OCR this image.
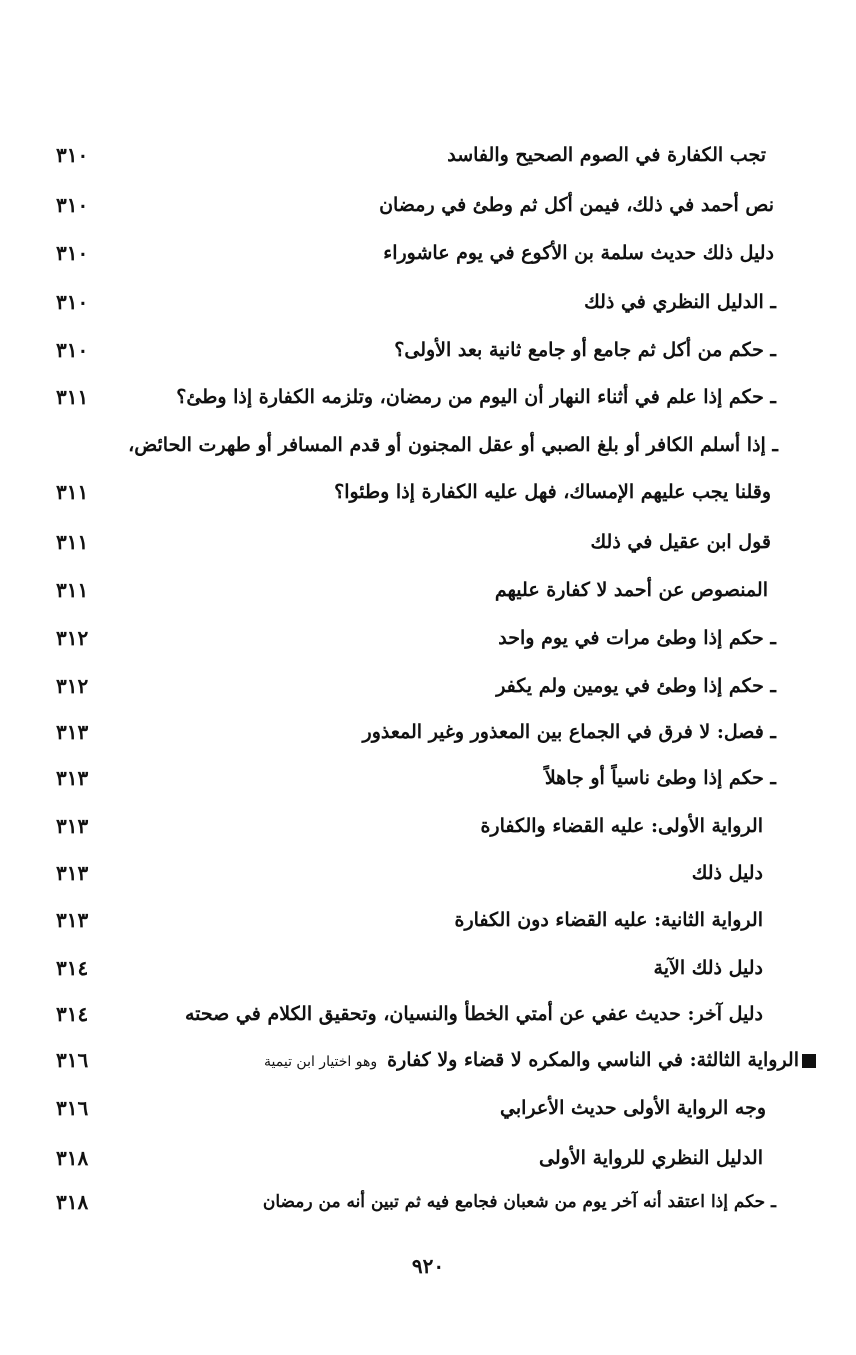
تجب الكفارة في الصوم الصحيح والفاسد
٣١٠
نص أحمد في ذلك، فيمن أكل ثم وطئ في رمضان
٣١٠
دليل ذلك حديث سلمة بن الأكوع في يوم عاشوراء
٣١٠
ـ الدليل النظري في ذلك
٣١٠
ـ حكم من أكل ثم جامع أو جامع ثانية بعد الأولى؟
٣١٠
ـ حكم إذا علم في أثناء النهار أن اليوم من رمضان، وتلزمه الكفارة إذا وطئ؟
٣١١
ـ إذا أسلم الكافر أو بلغ الصبي أو عقل المجنون أو قدم المسافر أو طهرت الحائض،
وقلنا يجب عليهم الإمساك، فهل عليه الكفارة إذا وطئوا؟
٣١١
قول ابن عقيل في ذلك
٣١١
المنصوص عن أحمد لا كفارة عليهم
٣١١
ـ حكم إذا وطئ مرات في يوم واحد
٣١٢
ـ حكم إذا وطئ في يومين ولم يكفر
٣١٢
ـ فصل: لا فرق في الجماع بين المعذور وغير المعذور
٣١٣
ـ حكم إذا وطئ ناسياً أو جاهلاً
٣١٣
الرواية الأولى: عليه القضاء والكفارة
٣١٣
دليل ذلك
٣١٣
الرواية الثانية: عليه القضاء دون الكفارة
٣١٣
دليل ذلك الآية
٣١٤
دليل آخر: حديث عفي عن أمتي الخطأ والنسيان، وتحقيق الكلام في صحته
٣١٤
الرواية الثالثة: في الناسي والمكره لا قضاء ولا كفارةوهو اختيار ابن تيمية
٣١٦
وجه الرواية الأولى حديث الأعرابي
٣١٦
الدليل النظري للرواية الأولى
٣١٨
ـ حكم إذا اعتقد أنه آخر يوم من شعبان فجامع فيه ثم تبين أنه من رمضان
٣١٨
٩٢٠
